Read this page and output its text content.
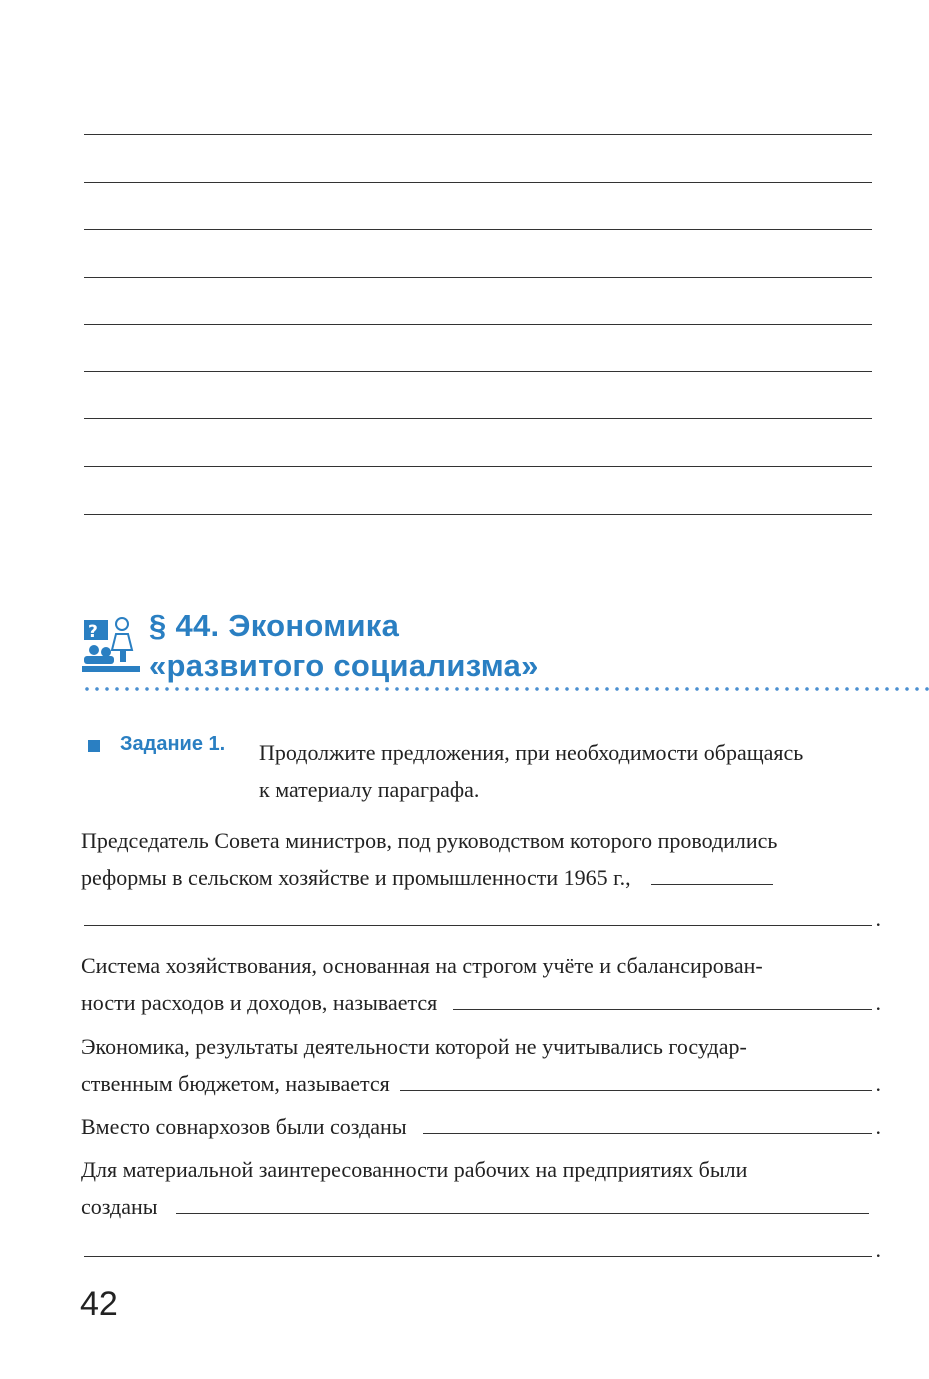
? § 44. Экономика
«развитого социализма»
Задание 1. Продолжите предложения, при необходимости обращаясь
к материалу параграфа.
Председатель Совета министров, под руководством которого проводились
реформы в сельском хозяйстве и промышленности 1965 г.,
.
Система хозяйствования, основанная на строгом учёте и сбалансирован-
ности расходов и доходов, называется	.
Экономика, результаты деятельности которой не учитывались государ-
ственным бюджетом, называется	.
Вместо совнархозов были созданы	.
Для материальной заинтересованности рабочих на предприятиях были
созданы
.
42
